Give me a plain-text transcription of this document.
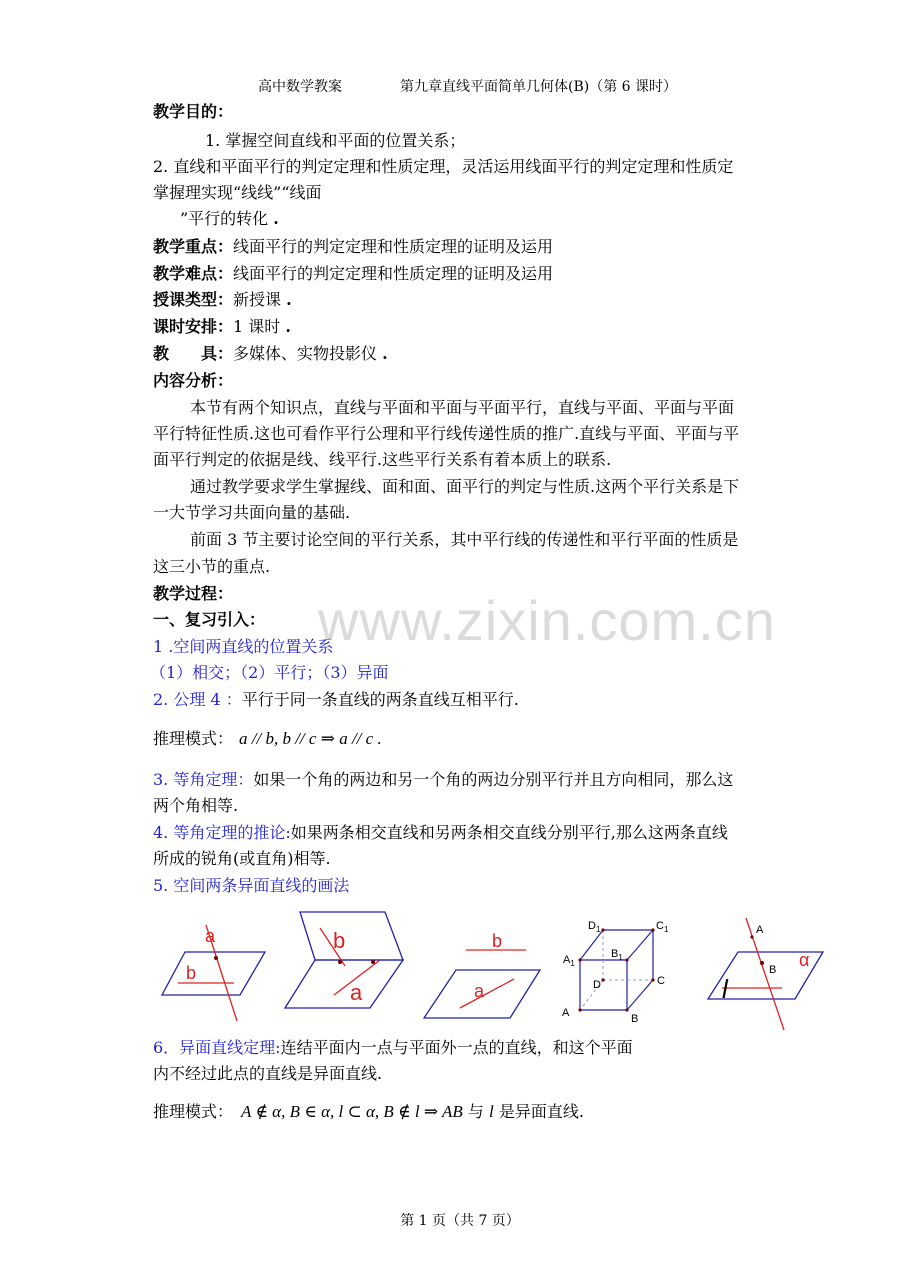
高中数学教案	第九章直线平面简单几何体(B)（第 6 课时）
教学目的：
1. 掌握空间直线和平面的位置关系；
2. 直线和平面平行的判定定理和性质定理，灵活运用线面平行的判定定理和性质定
掌握理实现“线线”“线面
”平行的转化 .
教学重点：线面平行的判定定理和性质定理的证明及运用
教学难点：线面平行的判定定理和性质定理的证明及运用
授课类型：新授课 .
课时安排：1 课时 .
教 具：多媒体、实物投影仪 .
内容分析：
本节有两个知识点，直线与平面和平面与平面平行，直线与平面、平面与平面
平行特征性质.这也可看作平行公理和平行线传递性质的推广.直线与平面、平面与平
面平行判定的依据是线、线平行.这些平行关系有着本质上的联系.
通过教学要求学生掌握线、面和面、面平行的判定与性质.这两个平行关系是下
一大节学习共面向量的基础.
前面 3 节主要讨论空间的平行关系，其中平行线的传递性和平行平面的性质是
这三小节的重点.
教学过程：
一、复习引入：
1 .空间两直线的位置关系
（1）相交；（2）平行；（3）异面
2. 公理 4 ：平行于同一条直线的两条直线互相平行.
推理模式： a // b, b // c ⇒ a // c .
3. 等角定理：如果一个角的两边和另一个角的两边分别平行并且方向相同，那么这
两个角相等.
4. 等角定理的推论:如果两条相交直线和另两条相交直线分别平行,那么这两条直线
所成的锐角(或直角)相等.
5. 空间两条异面直线的画法
a
b
b
a
b
a
$D_1$	$C_1$
$A_1$
$B_1$
D	C
A	B
A
B α
l
6．异面直线定理:连结平面内一点与平面外一点的直线，和这个平面
内不经过此点的直线是异面直线.
推理模式： A ∉ α, B ∈ α, l ⊂ α, B ∉ l ⇒ AB 与 l 是异面直线.
www.zixin.com.cn
第 1 页（共 7 页）
